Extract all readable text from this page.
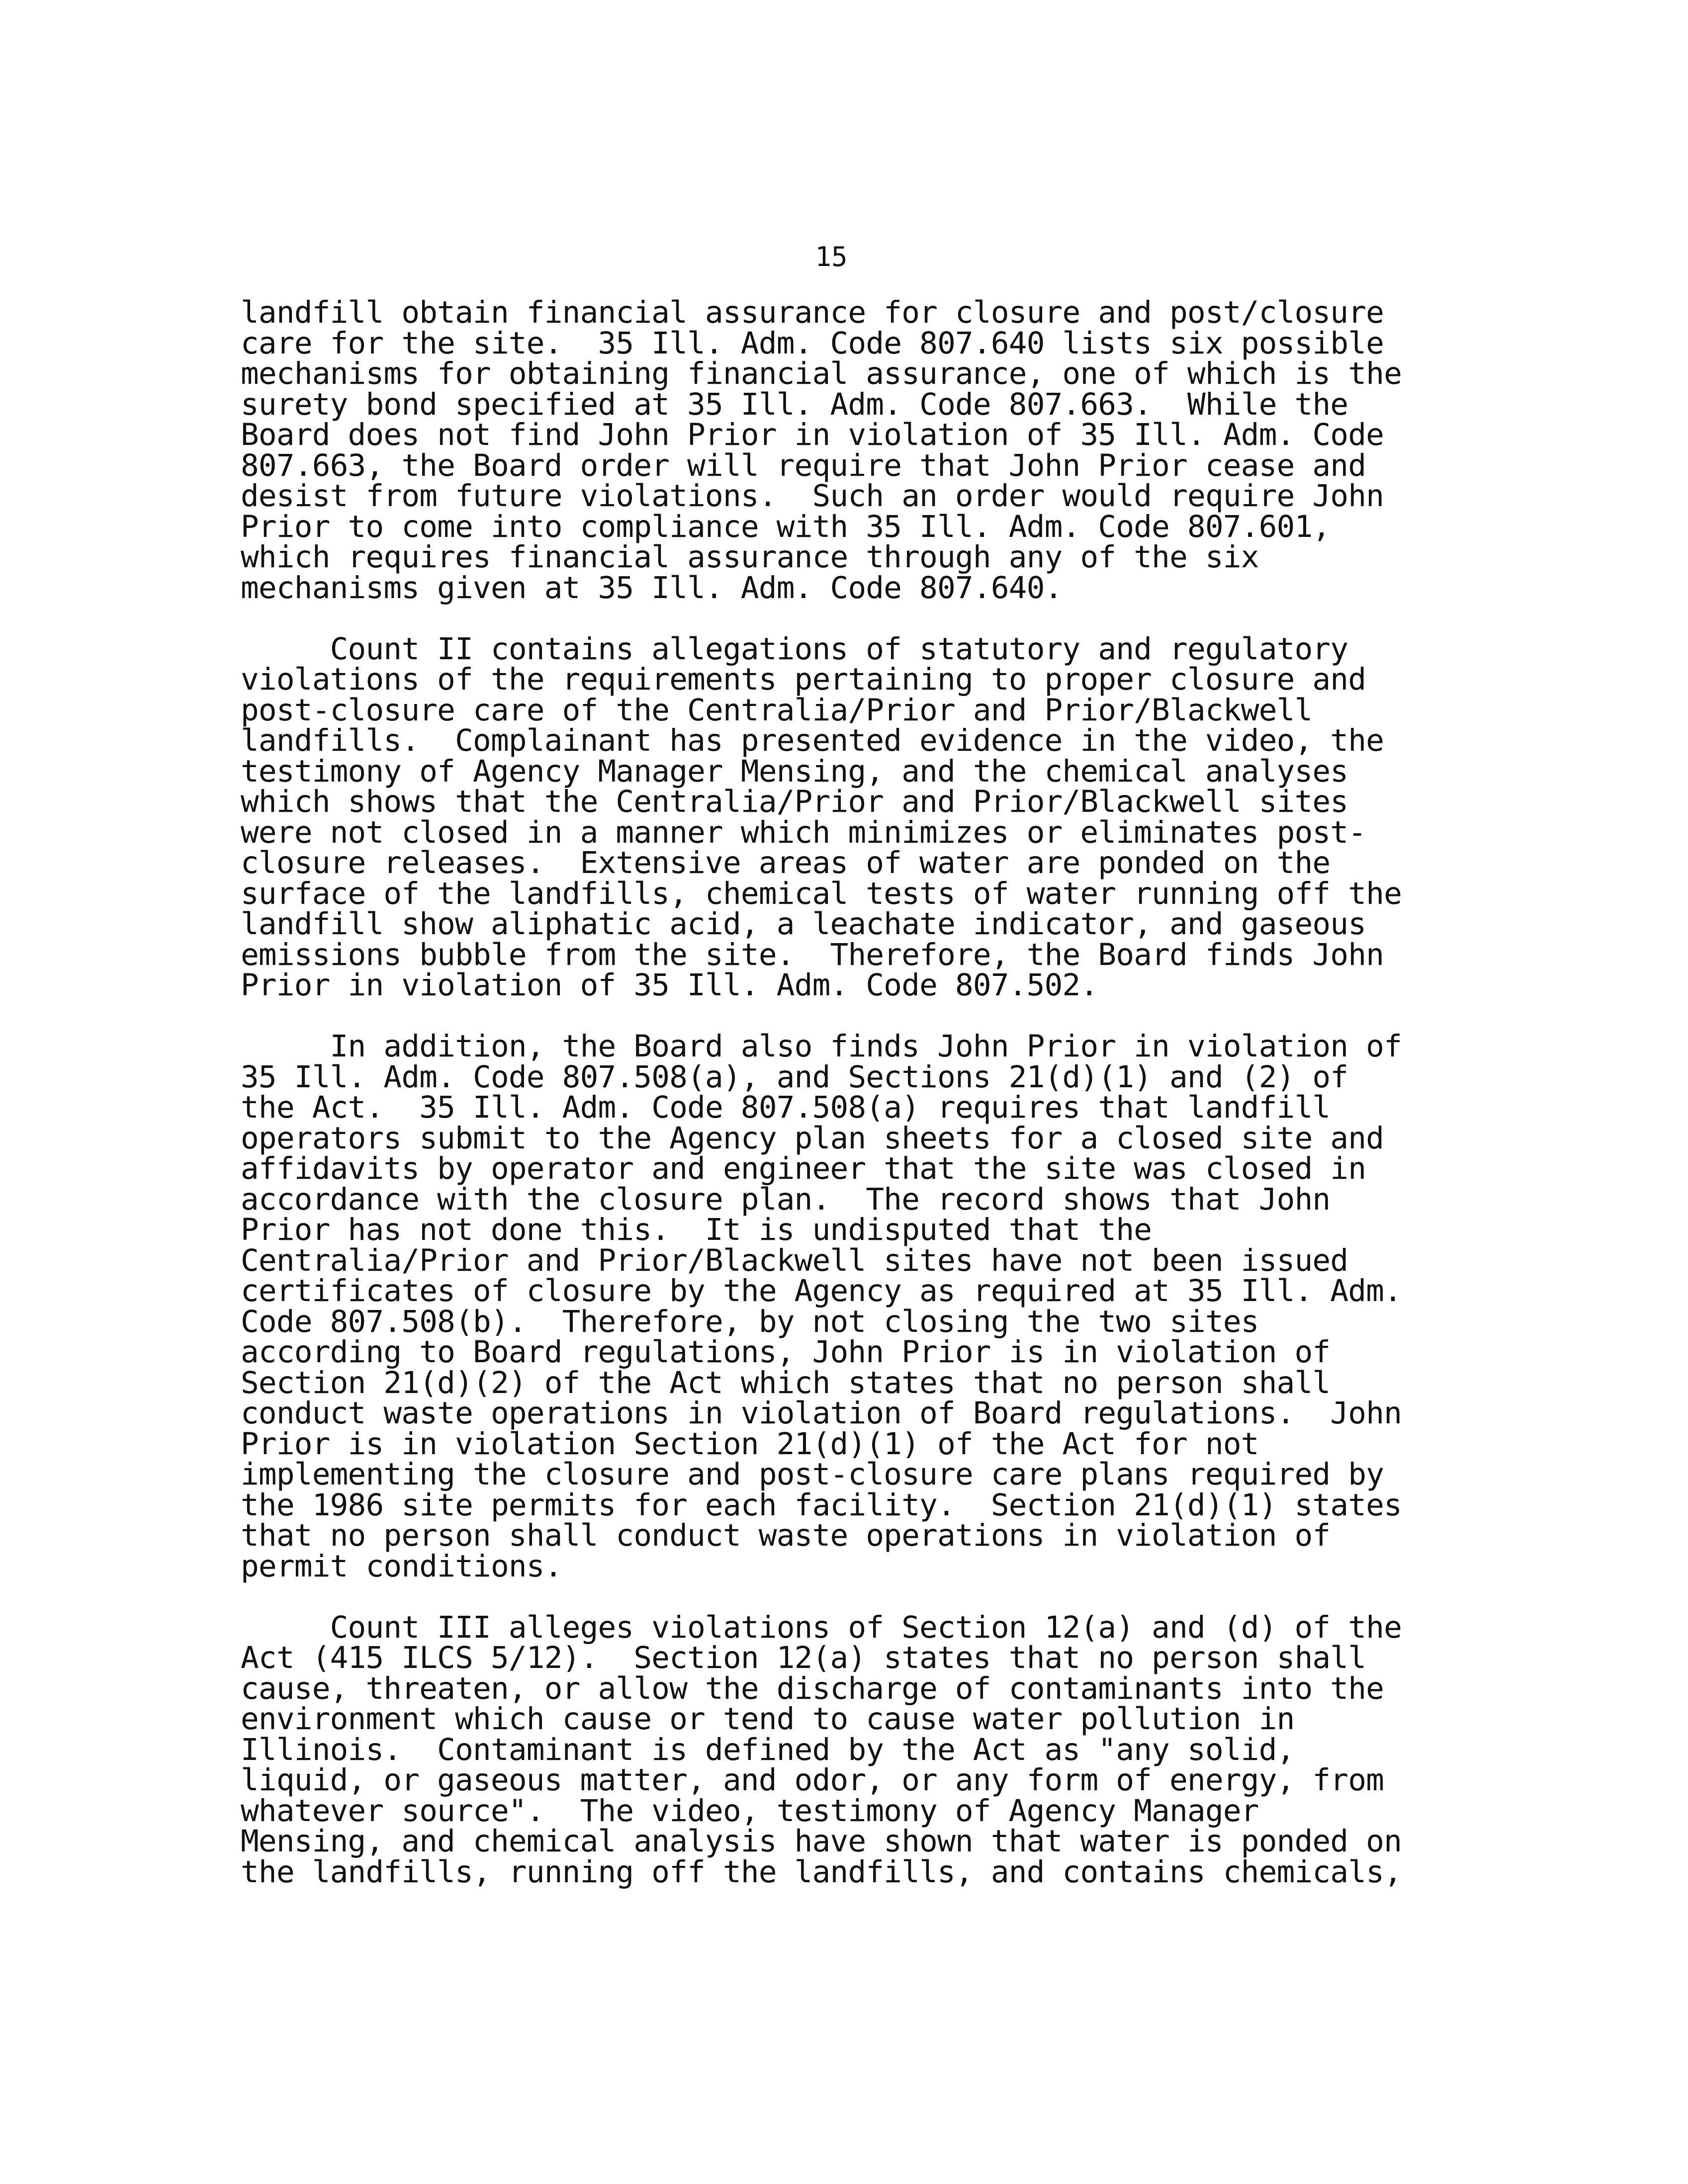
15
landfill obtain financial assurance for closure and post/closure
care for the site.  35 Ill. Adm. Code 807.640 lists six possible
mechanisms for obtaining financial assurance, one of which is the
surety bond specified at 35 Ill. Adm. Code 807.663.  While the
Board does not find John Prior in violation of 35 Ill. Adm. Code
807.663, the Board order will require that John Prior cease and
desist from future violations.  Such an order would require John
Prior to come into compliance with 35 Ill. Adm. Code 807.601,
which requires financial assurance through any of the six
mechanisms given at 35 Ill. Adm. Code 807.640.
Count II contains allegations of statutory and regulatory
violations of the requirements pertaining to proper closure and
post-closure care of the Centralia/Prior and Prior/Blackwell
landfills.  Complainant has presented evidence in the video, the
testimony of Agency Manager Mensing, and the chemical analyses
which shows that the Centralia/Prior and Prior/Blackwell sites
were not closed in a manner which minimizes or eliminates post-
closure releases.  Extensive areas of water are ponded on the
surface of the landfills, chemical tests of water running off the
landfill show aliphatic acid, a leachate indicator, and gaseous
emissions bubble from the site.  Therefore, the Board finds John
Prior in violation of 35 Ill. Adm. Code 807.502.
In addition, the Board also finds John Prior in violation of
35 Ill. Adm. Code 807.508(a), and Sections 21(d)(1) and (2) of
the Act.  35 Ill. Adm. Code 807.508(a) requires that landfill
operators submit to the Agency plan sheets for a closed site and
affidavits by operator and engineer that the site was closed in
accordance with the closure plan.  The record shows that John
Prior has not done this.  It is undisputed that the
Centralia/Prior and Prior/Blackwell sites have not been issued
certificates of closure by the Agency as required at 35 Ill. Adm.
Code 807.508(b).  Therefore, by not closing the two sites
according to Board regulations, John Prior is in violation of
Section 21(d)(2) of the Act which states that no person shall
conduct waste operations in violation of Board regulations.  John
Prior is in violation Section 21(d)(1) of the Act for not
implementing the closure and post-closure care plans required by
the 1986 site permits for each facility.  Section 21(d)(1) states
that no person shall conduct waste operations in violation of
permit conditions.
Count III alleges violations of Section 12(a) and (d) of the
Act (415 ILCS 5/12).  Section 12(a) states that no person shall
cause, threaten, or allow the discharge of contaminants into the
environment which cause or tend to cause water pollution in
Illinois.  Contaminant is defined by the Act as "any solid,
liquid, or gaseous matter, and odor, or any form of energy, from
whatever source".  The video, testimony of Agency Manager
Mensing, and chemical analysis have shown that water is ponded on
the landfills, running off the landfills, and contains chemicals,
